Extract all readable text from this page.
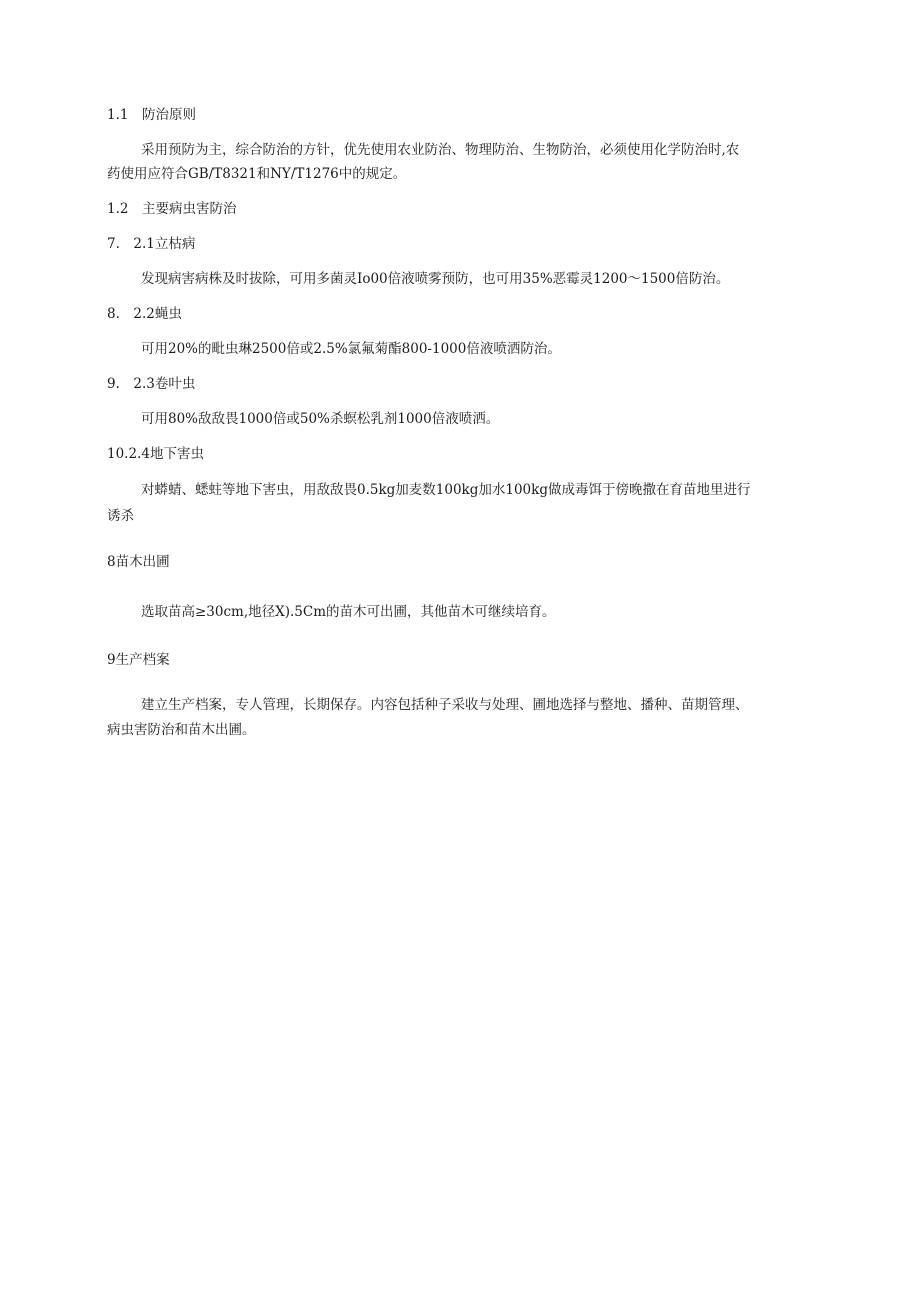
1.1　防治原则
采用预防为主，综合防治的方针，优先使用农业防治、物理防治、生物防治，必须使用化学防治时,农
药使用应符合GB/T8321和NY/T1276中的规定。
1.2　主要病虫害防治
7.　2.1立枯病
发现病害病株及时拔除，可用多菌灵Io00倍液喷雾预防，也可用35%恶霉灵1200～1500倍防治。
8.　2.2蝇虫
可用20%的毗虫琳2500倍或2.5%氯氟菊酯800-1000倍液喷洒防治。
9.　2.3卷叶虫
可用80%敌敌畏1000倍或50%杀螟松乳剂1000倍液喷洒。
10.2.4地下害虫
对蟒蜻、蟋蛀等地下害虫，用敌敌畏0.5kg加麦数100kg加水100kg做成毒饵于傍晚撒在育苗地里进行
诱杀
8苗木出圃
选取苗高≥30cm,地径X).5Cm的苗木可出圃，其他苗木可继续培育。
9生产档案
建立生产档案，专人管理，长期保存。内容包括种子采收与处理、圃地选择与整地、播种、苗期管理、
病虫害防治和苗木出圃。
